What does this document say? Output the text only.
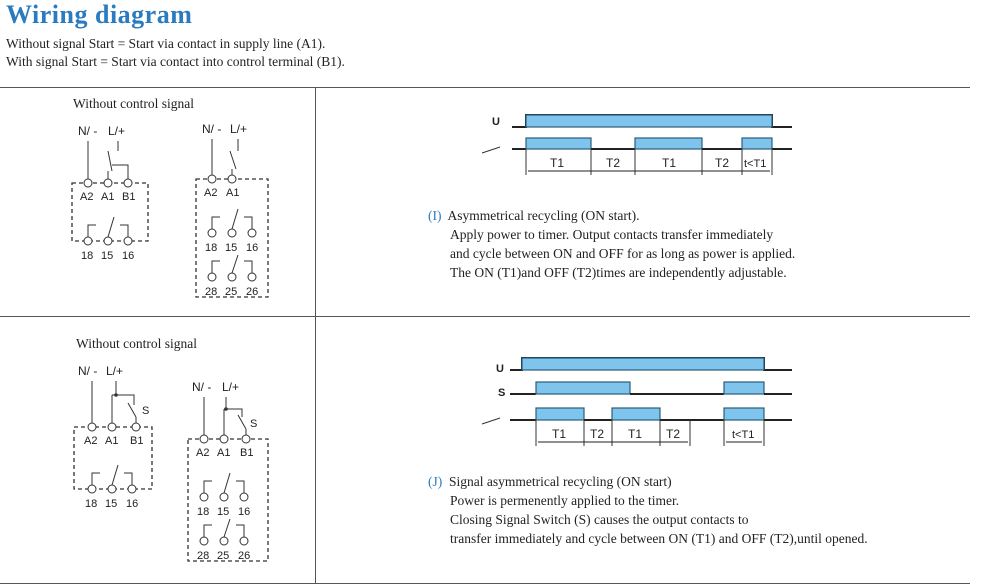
Wiring diagram
Without signal Start = Start via contact in supply line (A1).
With signal Start = Start via contact into control terminal (B1).
Without control signal
N/ - L/+
A2 A1 B1
18 15 16
N/ - L/+
A2 A1
18 15 16
28 25 26
U
T1	T2	T1	T2 t<T1
(I) Asymmetrical recycling (ON start).
Apply power to timer. Output contacts transfer immediately
and cycle between ON and OFF for as long as power is applied.
The ON (T1)and OFF (T2)times are independently adjustable.
Without control signal
N/ - L/+
S
A2 A1 B1
18 15 16
N/ - L/+
S
A2 A1 B1
18 15 16
28 25 26
U
S
T1 T2 T1 T2	t<T1
(J) Signal asymmetrical recycling (ON start)
Power is permenently applied to the timer.
Closing Signal Switch (S) causes the output contacts to
transfer immediately and cycle between ON (T1) and OFF (T2),until opened.
